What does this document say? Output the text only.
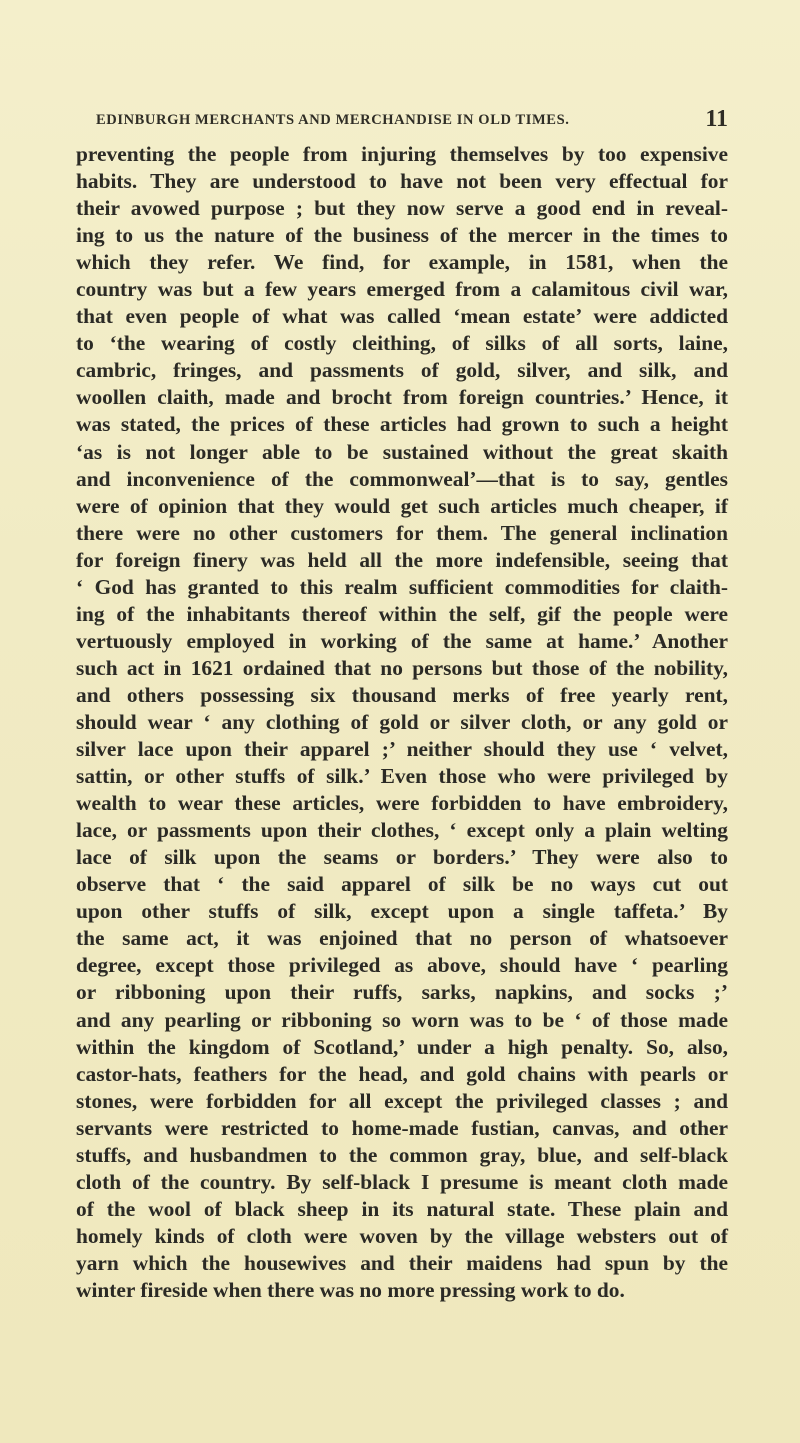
EDINBURGH MERCHANTS AND MERCHANDISE IN OLD TIMES.	11
preventing the people from injuring themselves by too expensive
habits. They are understood to have not been very effectual for
their avowed purpose ; but they now serve a good end in reveal-
ing to us the nature of the business of the mercer in the times to
which they refer. We find, for example, in 1581, when the
country was but a few years emerged from a calamitous civil war,
that even people of what was called ‘mean estate’ were addicted
to ‘the wearing of costly cleithing, of silks of all sorts, laine,
cambric, fringes, and passments of gold, silver, and silk, and
woollen claith, made and brocht from foreign countries.’ Hence, it
was stated, the prices of these articles had grown to such a height
‘as is not longer able to be sustained without the great skaith
and inconvenience of the commonweal’—that is to say, gentles
were of opinion that they would get such articles much cheaper, if
there were no other customers for them. The general inclination
for foreign finery was held all the more indefensible, seeing that
‘ God has granted to this realm sufficient commodities for claith-
ing of the inhabitants thereof within the self, gif the people were
vertuously employed in working of the same at hame.’ Another
such act in 1621 ordained that no persons but those of the nobility,
and others possessing six thousand merks of free yearly rent,
should wear ‘ any clothing of gold or silver cloth, or any gold or
silver lace upon their apparel ;’ neither should they use ‘ velvet,
sattin, or other stuffs of silk.’ Even those who were privileged by
wealth to wear these articles, were forbidden to have embroidery,
lace, or passments upon their clothes, ‘ except only a plain welting
lace of silk upon the seams or borders.’ They were also to
observe that ‘ the said apparel of silk be no ways cut out
upon other stuffs of silk, except upon a single taffeta.’ By
the same act, it was enjoined that no person of whatsoever
degree, except those privileged as above, should have ‘ pearling
or ribboning upon their ruffs, sarks, napkins, and socks ;’
and any pearling or ribboning so worn was to be ‘ of those made
within the kingdom of Scotland,’ under a high penalty. So, also,
castor-hats, feathers for the head, and gold chains with pearls or
stones, were forbidden for all except the privileged classes ; and
servants were restricted to home-made fustian, canvas, and other
stuffs, and husbandmen to the common gray, blue, and self-black
cloth of the country. By self-black I presume is meant cloth made
of the wool of black sheep in its natural state. These plain and
homely kinds of cloth were woven by the village websters out of
yarn which the housewives and their maidens had spun by the
winter fireside when there was no more pressing work to do.
